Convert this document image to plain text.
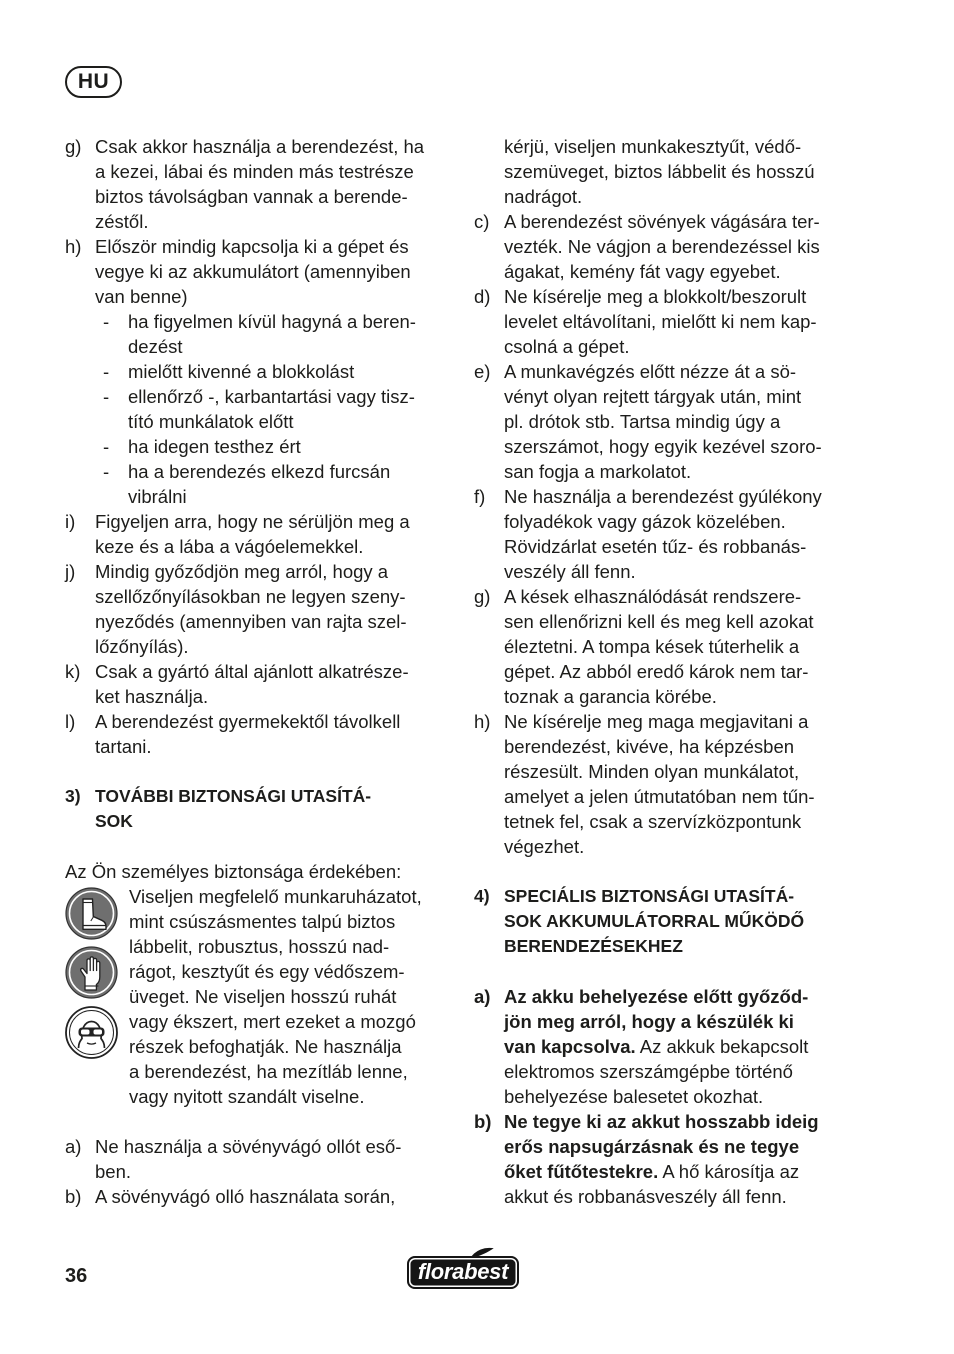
HU
g) Csak akkor használja a berendezést, ha
a kezei, lábai és minden más testrésze
biztos távolságban vannak a berende-
zéstől.
h) Először mindig kapcsolja ki a gépet és
vegye ki az akkumulátort (amennyiben
van benne)
-	ha figyelmen kívül hagyná a beren-
dezést
-	mielőtt kivenné a blokkolást
-	ellenőrző -, karbantartási vagy tisz-
tító munkálatok előtt
-	ha idegen testhez ért
-	ha a berendezés elkezd furcsán
vibrálni
i)	Figyeljen arra, hogy ne sérüljön meg a
keze és a lába a vágóelemekkel.
j)	Mindig győződjön meg arról, hogy a
szellőzőnyílásokban ne legyen szeny-
nyeződés (amennyiben van rajta szel-
lőzőnyílás).
k) Csak a gyártó által ajánlott alkatrésze-
ket használja.
l)	A berendezést gyermekektől távolkell
tartani.
3) TOVÁBBI BIZTONSÁGI UTASÍTÁ-
SOK
Az Ön személyes biztonsága érdekében:
Viseljen megfelelő munkaruházatot,
mint csúszásmentes talpú biztos
lábbelit, robusztus, hosszú nad-
rágot, kesztyűt és egy védőszem-
üveget. Ne viseljen hosszú ruhát
vagy ékszert, mert ezeket a mozgó
részek befoghatják. Ne használja
a berendezést, ha mezítláb lenne,
vagy nyitott szandált viselne.
a) Ne használja a sövényvágó ollót eső-
ben.
b) A sövényvágó olló használata során,
kérjü, viseljen munkakesztyűt, védő-
szemüveget, biztos lábbelit és hosszú
nadrágot.
c) A berendezést sövények vágására ter-
vezték. Ne vágjon a berendezéssel kis
ágakat, kemény fát vagy egyebet.
d) Ne kísérelje meg a blokkolt/beszorult
levelet eltávolítani, mielőtt ki nem kap-
csolná a gépet.
e) A munkavégzés előtt nézze át a sö-
vényt olyan rejtett tárgyak után, mint
pl. drótok stb. Tartsa mindig úgy a
szerszámot, hogy egyik kezével szoro-
san fogja a markolatot.
f)	Ne használja a berendezést gyúlékony
folyadékok vagy gázok közelében.
Rövidzárlat esetén tűz- és robbanás-
veszély áll fenn.
g) A kések elhasználódását rendszere-
sen ellenőrizni kell és meg kell azokat
éleztetni. A tompa kések túterhelik a
gépet. Az abból eredő károk nem tar-
toznak a garancia körébe.
h) Ne kísérelje meg maga megjavitani a
berendezést, kivéve, ha képzésben
részesült. Minden olyan munkálatot,
amelyet a jelen útmutatóban nem tűn-
tetnek fel, csak a szervízközpontunk
végezhet.
4) SPECIÁLIS BIZTONSÁGI UTASÍTÁ-
SOK AKKUMULÁTORRAL MŰKÖDŐ
BERENDEZÉSEKHEZ
a) Az akku behelyezése előtt győződ-
jön meg arról, hogy a készülék ki
van kapcsolva. Az akkuk bekapcsolt
elektromos szerszámgépbe történő
behelyezése balesetet okozhat.
b) Ne tegye ki az akkut hosszabb ideig
erős napsugárzásnak és ne tegye
őket fűtőtestekre. A hő károsítja az
akkut és robbanásveszély áll fenn.
36	florabest
